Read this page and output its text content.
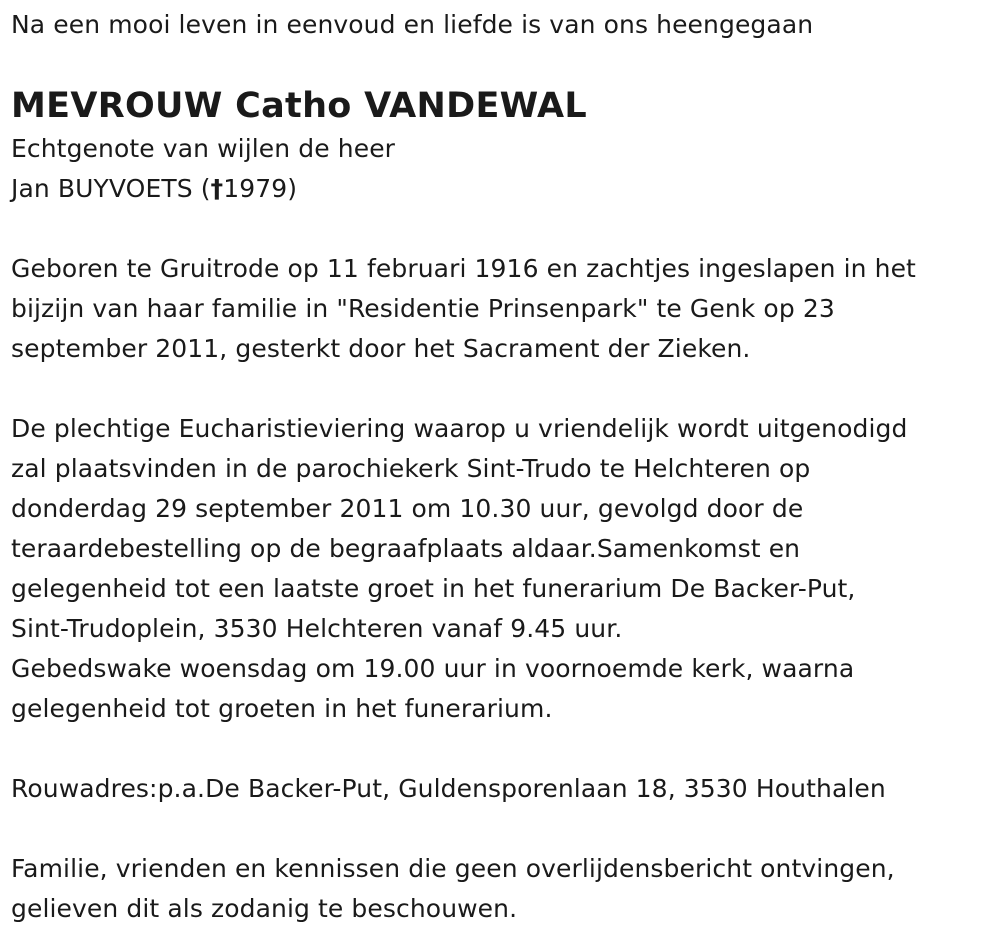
Na een mooi leven in eenvoud en liefde is van ons heengegaan
MEVROUW Catho VANDEWAL
Echtgenote van wijlen de heer
Jan BUYVOETS (†1979)
Geboren te Gruitrode op 11 februari 1916 en zachtjes ingeslapen in het
bijzijn van haar familie in "Residentie Prinsenpark" te Genk op 23
september 2011, gesterkt door het Sacrament der Zieken.
De plechtige Eucharistieviering waarop u vriendelijk wordt uitgenodigd
zal plaatsvinden in de parochiekerk Sint-Trudo te Helchteren op
donderdag 29 september 2011 om 10.30 uur, gevolgd door de
teraardebestelling op de begraafplaats aldaar.Samenkomst en
gelegenheid tot een laatste groet in het funerarium De Backer-Put,
Sint-Trudoplein, 3530 Helchteren vanaf 9.45 uur.
Gebedswake woensdag om 19.00 uur in voornoemde kerk, waarna
gelegenheid tot groeten in het funerarium.
Rouwadres:p.a.De Backer-Put, Guldensporenlaan 18, 3530 Houthalen
Familie, vrienden en kennissen die geen overlijdensbericht ontvingen,
gelieven dit als zodanig te beschouwen.
